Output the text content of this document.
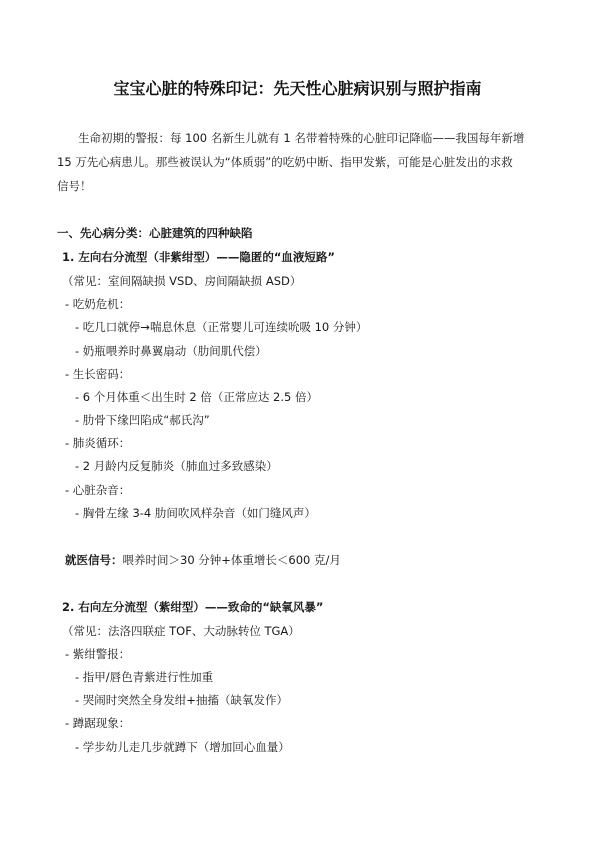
宝宝心脏的特殊印记：先天性心脏病识别与照护指南
生命初期的警报：每 100 名新生儿就有 1 名带着特殊的心脏印记降临——我国每年新增
15 万先心病患儿。那些被误认为“体质弱”的吃奶中断、指甲发紫，可能是心脏发出的求救
信号！
一、先心病分类：心脏建筑的四种缺陷
1. 左向右分流型（非紫绀型）——隐匿的“血液短路”
（常见：室间隔缺损 VSD、房间隔缺损 ASD）
- 吃奶危机：
- 吃几口就停→喘息休息（正常婴儿可连续吮吸 10 分钟）
- 奶瓶喂养时鼻翼扇动（肋间肌代偿）
- 生长密码：
- 6 个月体重＜出生时 2 倍（正常应达 2.5 倍）
- 肋骨下缘凹陷成“郝氏沟”
- 肺炎循环：
- 2 月龄内反复肺炎（肺血过多致感染）
- 心脏杂音：
- 胸骨左缘 3-4 肋间吹风样杂音（如门缝风声）
就医信号：喂养时间＞30 分钟+体重增长＜600 克/月
2. 右向左分流型（紫绀型）——致命的“缺氧风暴”
（常见：法洛四联症 TOF、大动脉转位 TGA）
- 紫绀警报：
- 指甲/唇色青紫进行性加重
- 哭闹时突然全身发绀+抽搐（缺氧发作）
- 蹲踞现象：
- 学步幼儿走几步就蹲下（增加回心血量）
